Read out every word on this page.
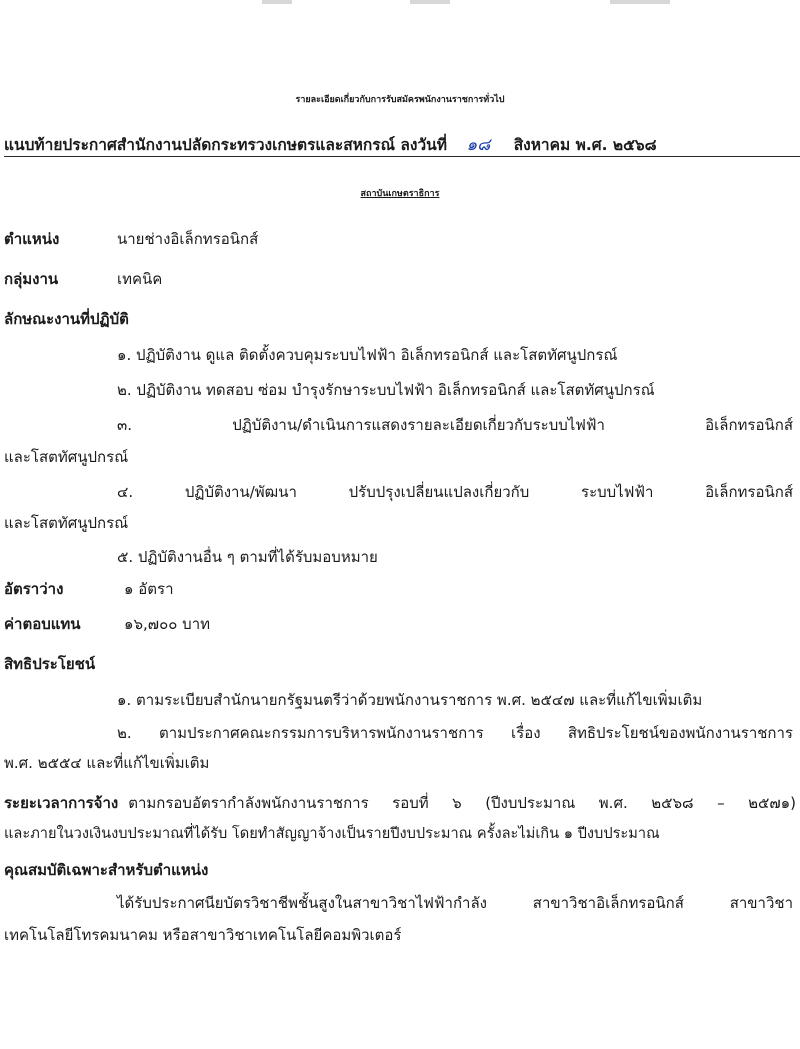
รายละเอียดเกี่ยวกับการรับสมัครพนักงานราชการทั่วไป
แนบท้ายประกาศสำนักงานปลัดกระทรวงเกษตรและสหกรณ์ ลงวันที่ ๑๘ สิงหาคม พ.ศ. ๒๕๖๘
สถาบันเกษตราธิการ
ตำแหน่ง	นายช่างอิเล็กทรอนิกส์
กลุ่มงาน	เทคนิค
ลักษณะงานที่ปฏิบัติ
๑. ปฏิบัติงาน ดูแล ติดตั้งควบคุมระบบไฟฟ้า อิเล็กทรอนิกส์ และโสตทัศนูปกรณ์
๒. ปฏิบัติงาน ทดสอบ ซ่อม บำรุงรักษาระบบไฟฟ้า อิเล็กทรอนิกส์ และโสตทัศนูปกรณ์
๓. ปฏิบัติงาน/ดำเนินการแสดงรายละเอียดเกี่ยวกับระบบไฟฟ้า อิเล็กทรอนิกส์
และโสตทัศนูปกรณ์
๔. ปฏิบัติงาน/พัฒนา ปรับปรุงเปลี่ยนแปลงเกี่ยวกับ ระบบไฟฟ้า อิเล็กทรอนิกส์
และโสตทัศนูปกรณ์
๕. ปฏิบัติงานอื่น ๆ ตามที่ได้รับมอบหมาย
อัตราว่าง	๑ อัตรา
ค่าตอบแทน	๑๖,๗๐๐ บาท
สิทธิประโยชน์
๑. ตามระเบียบสำนักนายกรัฐมนตรีว่าด้วยพนักงานราชการ พ.ศ. ๒๕๔๗ และที่แก้ไขเพิ่มเติม
๒. ตามประกาศคณะกรรมการบริหารพนักงานราชการ เรื่อง สิทธิประโยชน์ของพนักงานราชการ
พ.ศ. ๒๕๕๔ และที่แก้ไขเพิ่มเติม
ระยะเวลาการจ้าง ตามกรอบอัตรากำลังพนักงานราชการ รอบที่ ๖ (ปีงบประมาณ พ.ศ. ๒๕๖๘ – ๒๕๗๑)
และภายในวงเงินงบประมาณที่ได้รับ โดยทำสัญญาจ้างเป็นรายปีงบประมาณ ครั้งละไม่เกิน ๑ ปีงบประมาณ
คุณสมบัติเฉพาะสำหรับตำแหน่ง
ได้รับประกาศนียบัตรวิชาชีพชั้นสูงในสาขาวิชาไฟฟ้ากำลัง สาขาวิชาอิเล็กทรอนิกส์ สาขาวิชา
เทคโนโลยีโทรคมนาคม หรือสาขาวิชาเทคโนโลยีคอมพิวเตอร์
